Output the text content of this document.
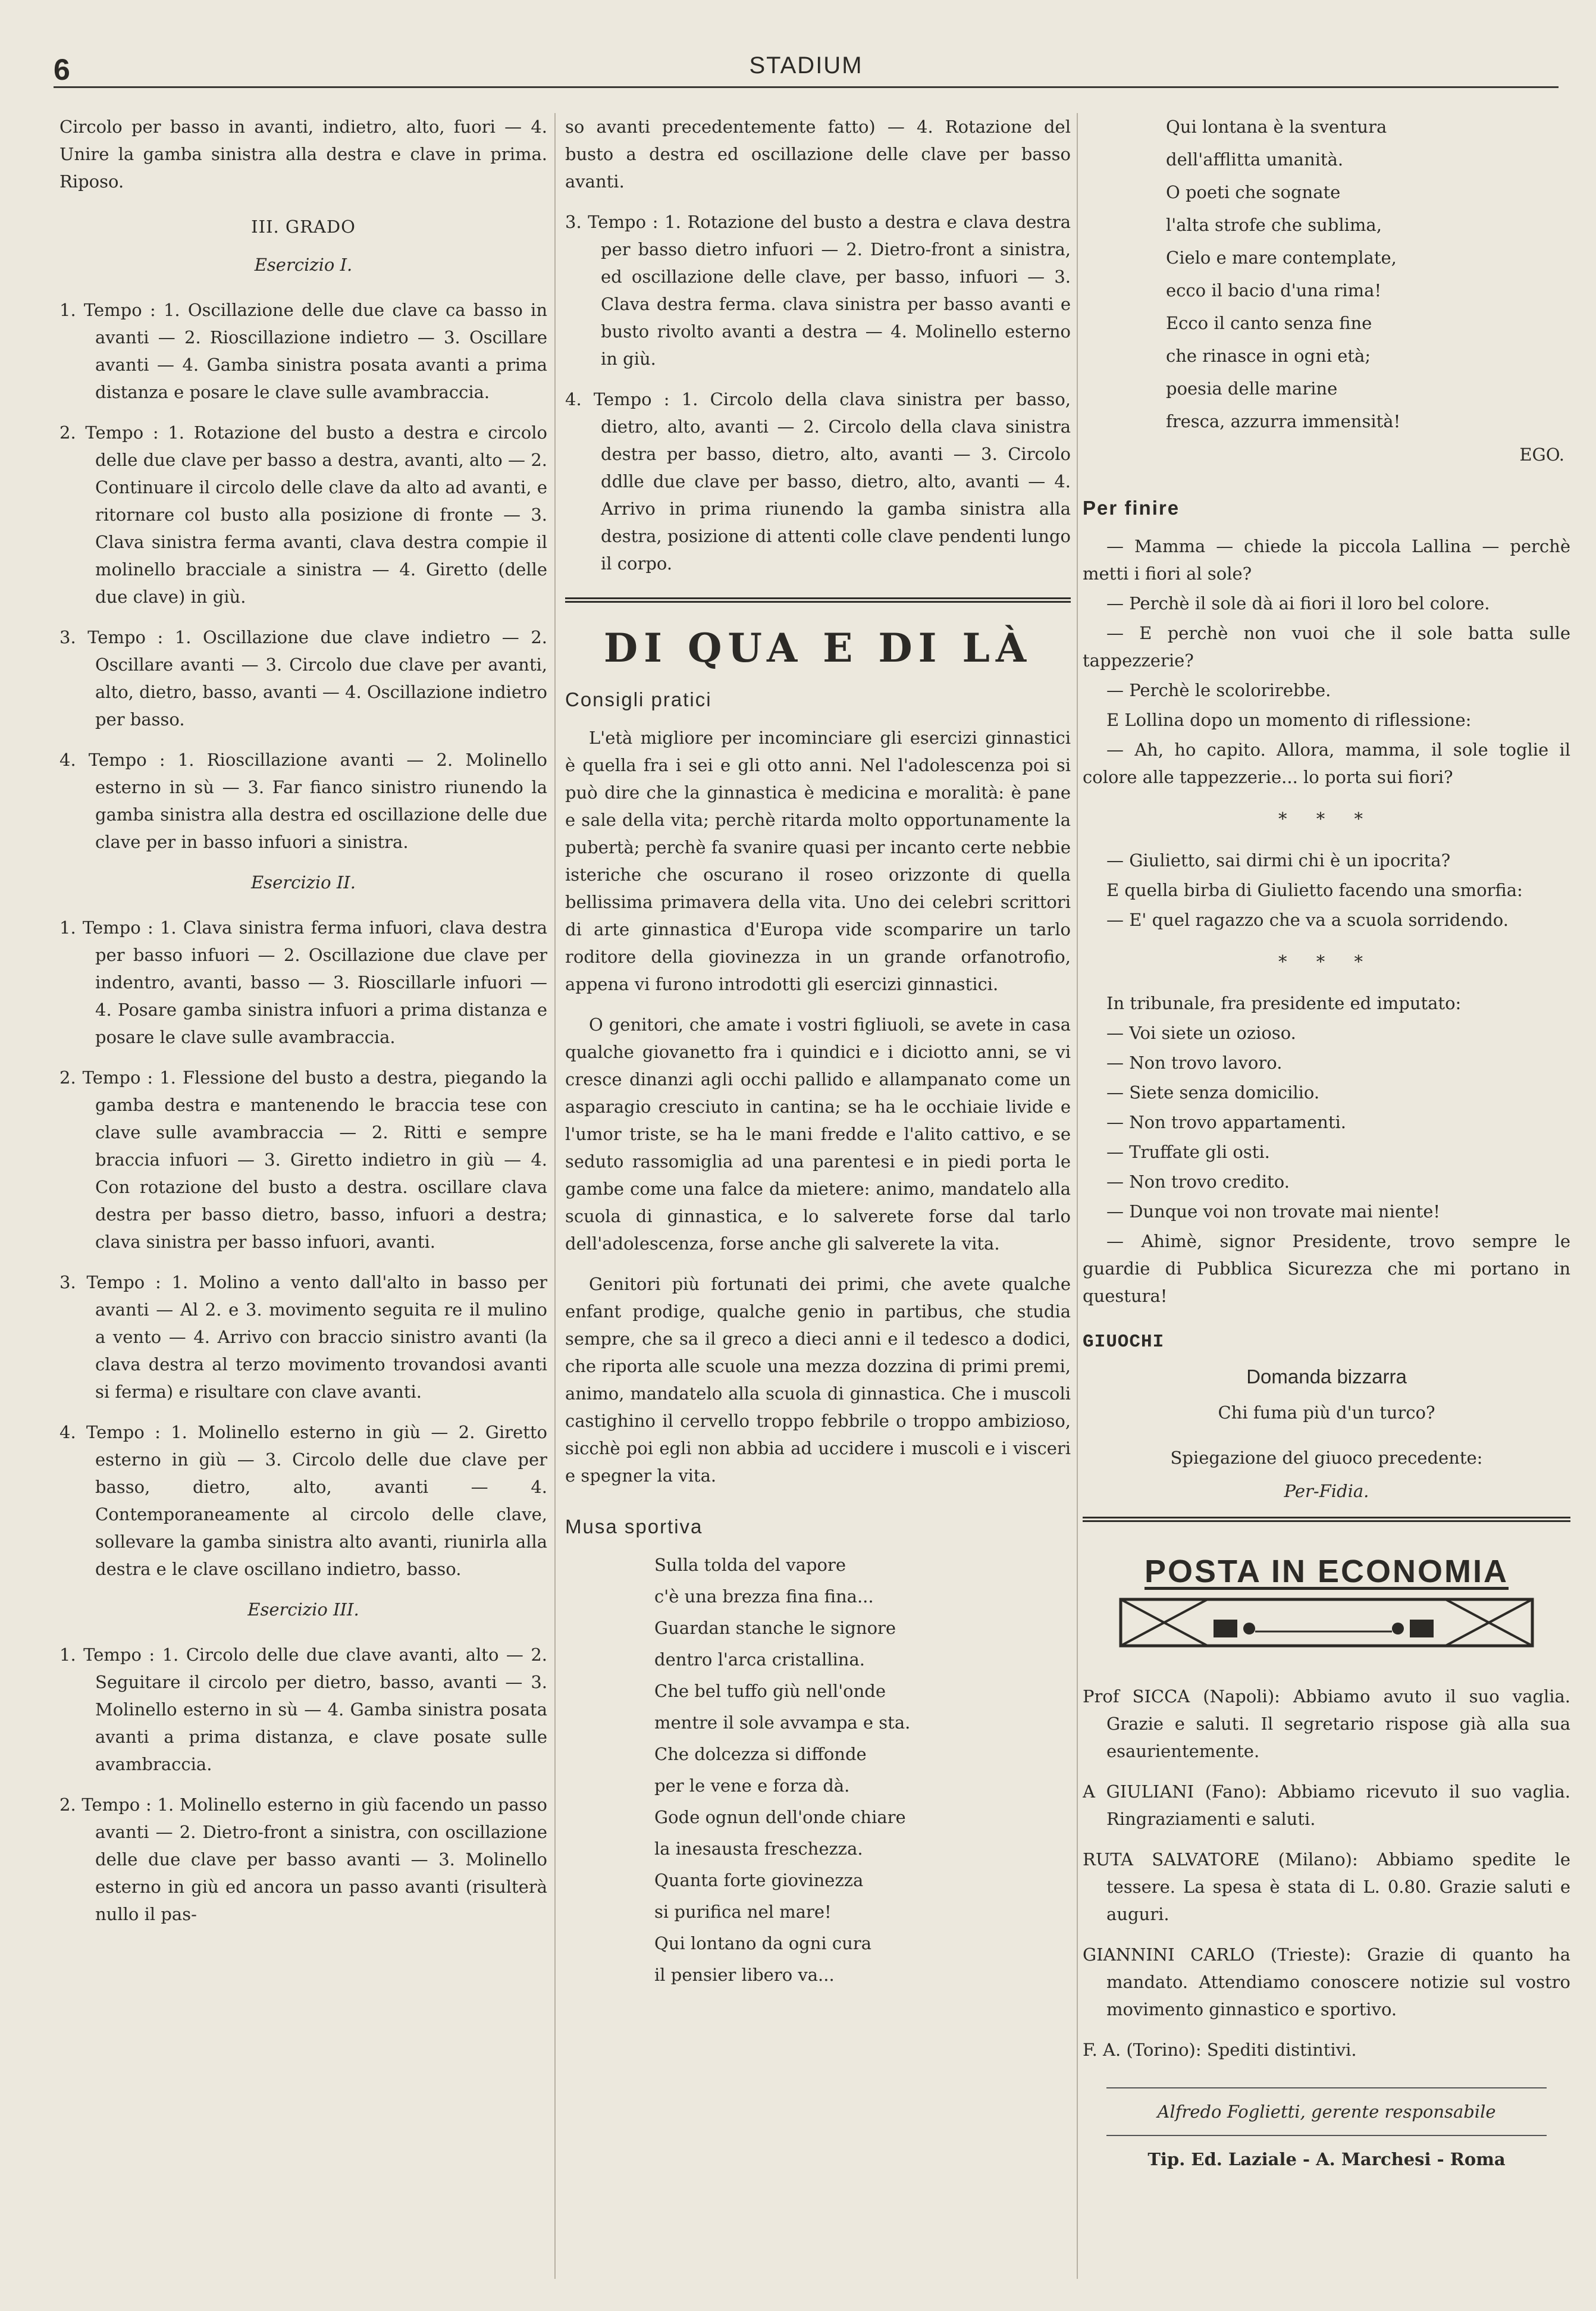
6	STADIUM

Circolo per basso in avanti, indietro, alto, fuori — 4. Unire la gamba sinistra alla destra e clave in prima. Riposo.

III. GRADO
Esercizio I.

1. Tempo : 1. Oscillazione delle due clave ca basso in avanti — 2. Rioscillazione indietro — 3. Oscillare avanti — 4. Gamba sinistra posata avanti a prima distanza e posare le clave sulle avambraccia.

2. Tempo : 1. Rotazione del busto a destra e circolo delle due clave per basso a destra, avanti, alto — 2. Continuare il circolo delle clave da alto ad avanti, e ritornare col busto alla posizione di fronte — 3. Clava sinistra ferma avanti, clava destra compie il molinello bracciale a sinistra — 4. Giretto (delle due clave) in giù.

3. Tempo : 1. Oscillazione due clave indietro — 2. Oscillare avanti — 3. Circolo due clave per avanti, alto, dietro, basso, avanti — 4. Oscillazione indietro per basso.

4. Tempo : 1. Rioscillazione avanti — 2. Molinello esterno in sù — 3. Far fianco sinistro riunendo la gamba sinistra alla destra ed oscillazione delle due clave per in basso infuori a sinistra.

Esercizio II.

1. Tempo : 1. Clava sinistra ferma infuori, clava destra per basso infuori — 2. Oscillazione due clave per indentro, avanti, basso — 3. Rioscillarle infuori — 4. Posare gamba sinistra infuori a prima distanza e posare le clave sulle avambraccia.

2. Tempo : 1. Flessione del busto a destra, piegando la gamba destra e mantenendo le braccia tese con clave sulle avambraccia — 2. Ritti e sempre braccia infuori — 3. Giretto indietro in giù — 4. Con rotazione del busto a destra. oscillare clava destra per basso dietro, basso, infuori a destra; clava sinistra per basso infuori, avanti.

3. Tempo : 1. Molino a vento dall'alto in basso per avanti — Al 2. e 3. movimento seguita re il mulino a vento — 4. Arrivo con braccio sinistro avanti (la clava destra al terzo movimento trovandosi avanti si ferma) e risultare con clave avanti.

4. Tempo : 1. Molinello esterno in giù — 2. Giretto esterno in giù — 3. Circolo delle due clave per basso, dietro, alto, avanti — 4. Contemporaneamente al circolo delle clave, sollevare la gamba sinistra alto avanti, riunirla alla destra e le clave oscillano indietro, basso.

Esercizio III.

1. Tempo : 1. Circolo delle due clave avanti, alto — 2. Seguitare il circolo per dietro, basso, avanti — 3. Molinello esterno in sù — 4. Gamba sinistra posata avanti a prima distanza, e clave posate sulle avambraccia.

2. Tempo : 1. Molinello esterno in giù facendo un passo avanti — 2. Dietro-front a sinistra, con oscillazione delle due clave per basso avanti — 3. Molinello esterno in giù ed ancora un passo avanti (risulterà nullo il pas-

so avanti precedentemente fatto) — 4. Rotazione del busto a destra ed oscillazione delle clave per basso avanti.

3. Tempo : 1. Rotazione del busto a destra e clava destra per basso dietro infuori — 2. Dietro-front a sinistra, ed oscillazione delle clave, per basso, infuori — 3. Clava destra ferma. clava sinistra per basso avanti e busto rivolto avanti a destra — 4. Molinello esterno in giù.

4. Tempo : 1. Circolo della clava sinistra per basso, dietro, alto, avanti — 2. Circolo della clava sinistra destra per basso, dietro, alto, avanti — 3. Circolo ddlle due clave per basso, dietro, alto, avanti — 4. Arrivo in prima riunendo la gamba sinistra alla destra, posizione di attenti colle clave pendenti lungo il corpo.

DI QUA E DI LÀ
Consigli pratici

L'età migliore per incominciare gli esercizi ginnastici è quella fra i sei e gli otto anni. Nel l'adolescenza poi si può dire che la ginnastica è medicina e moralità: è pane e sale della vita; perchè ritarda molto opportunamente la pubertà; perchè fa svanire quasi per incanto certe nebbie isteriche che oscurano il roseo orizzonte di quella bellissima primavera della vita. Uno dei celebri scrittori di arte ginnastica d'Europa vide scomparire un tarlo roditore della giovinezza in un grande orfanotrofio, appena vi furono introdotti gli esercizi ginnastici.

O genitori, che amate i vostri figliuoli, se avete in casa qualche giovanetto fra i quindici e i diciotto anni, se vi cresce dinanzi agli occhi pallido e allampanato come un asparagio cresciuto in cantina; se ha le occhiaie livide e l'umor triste, se ha le mani fredde e l'alito cattivo, e se seduto rassomiglia ad una parentesi e in piedi porta le gambe come una falce da mietere: animo, mandatelo alla scuola di ginnastica, e lo salverete forse dal tarlo dell'adolescenza, forse anche gli salverete la vita.

Genitori più fortunati dei primi, che avete qualche enfant prodige, qualche genio in partibus, che studia sempre, che sa il greco a dieci anni e il tedesco a dodici, che riporta alle scuole una mezza dozzina di primi premi, animo, mandatelo alla scuola di ginnastica. Che i muscoli castighino il cervello troppo febbrile o troppo ambizioso, sicchè poi egli non abbia ad uccidere i muscoli e i visceri e spegner la vita.

Musa sportiva
Sulla tolda del vapore
c'è una brezza fina fina...
Guardan stanche le signore
dentro l'arca cristallina.
Che bel tuffo giù nell'onde
mentre il sole avvampa e sta.
Che dolcezza si diffonde
per le vene e forza dà.
Gode ognun dell'onde chiare
la inesausta freschezza.
Quanta forte giovinezza
si purifica nel mare!
Qui lontano da ogni cura
il pensier libero va...
Qui lontana è la sventura
dell'afflitta umanità.
O poeti che sognate
l'alta strofe che sublima,
Cielo e mare contemplate,
ecco il bacio d'una rima!
Ecco il canto senza fine
che rinasce in ogni età;
poesia delle marine
fresca, azzurra immensità!
EGO.
Per finire

— Mamma — chiede la piccola Lallina — perchè metti i fiori al sole?

— Perchè il sole dà ai fiori il loro bel colore.

— E perchè non vuoi che il sole batta sulle tappezzerie?

— Perchè le scolorirebbe.

E Lollina dopo un momento di riflessione:

— Ah, ho capito. Allora, mamma, il sole toglie il colore alle tappezzerie... lo porta sui fiori?

* * *

— Giulietto, sai dirmi chi è un ipocrita?

E quella birba di Giulietto facendo una smorfia:

— E' quel ragazzo che va a scuola sorridendo.

* * *

In tribunale, fra presidente ed imputato:

— Voi siete un ozioso.

— Non trovo lavoro.

— Siete senza domicilio.

— Non trovo appartamenti.

— Truffate gli osti.

— Non trovo credito.

— Dunque voi non trovate mai niente!

— Ahimè, signor Presidente, trovo sempre le guardie di Pubblica Sicurezza che mi portano in questura!

GIUOCHI
Domanda bizzarra
Chi fuma più d'un turco?
Spiegazione del giuoco precedente:
Per-Fidia.
POSTA IN ECONOMIA

Prof SICCA (Napoli): Abbiamo avuto il suo vaglia. Grazie e saluti. Il segretario rispose già alla sua esaurientemente.

A GIULIANI (Fano): Abbiamo ricevuto il suo vaglia. Ringraziamenti e saluti.

RUTA SALVATORE (Milano): Abbiamo spedite le tessere. La spesa è stata di L. 0.80. Grazie saluti e auguri.

GIANNINI CARLO (Trieste): Grazie di quanto ha mandato. Attendiamo conoscere notizie sul vostro movimento ginnastico e sportivo.

F. A. (Torino): Spediti distintivi.

Alfredo Foglietti, gerente responsabile
Tip. Ed. Laziale - A. Marchesi - Roma
